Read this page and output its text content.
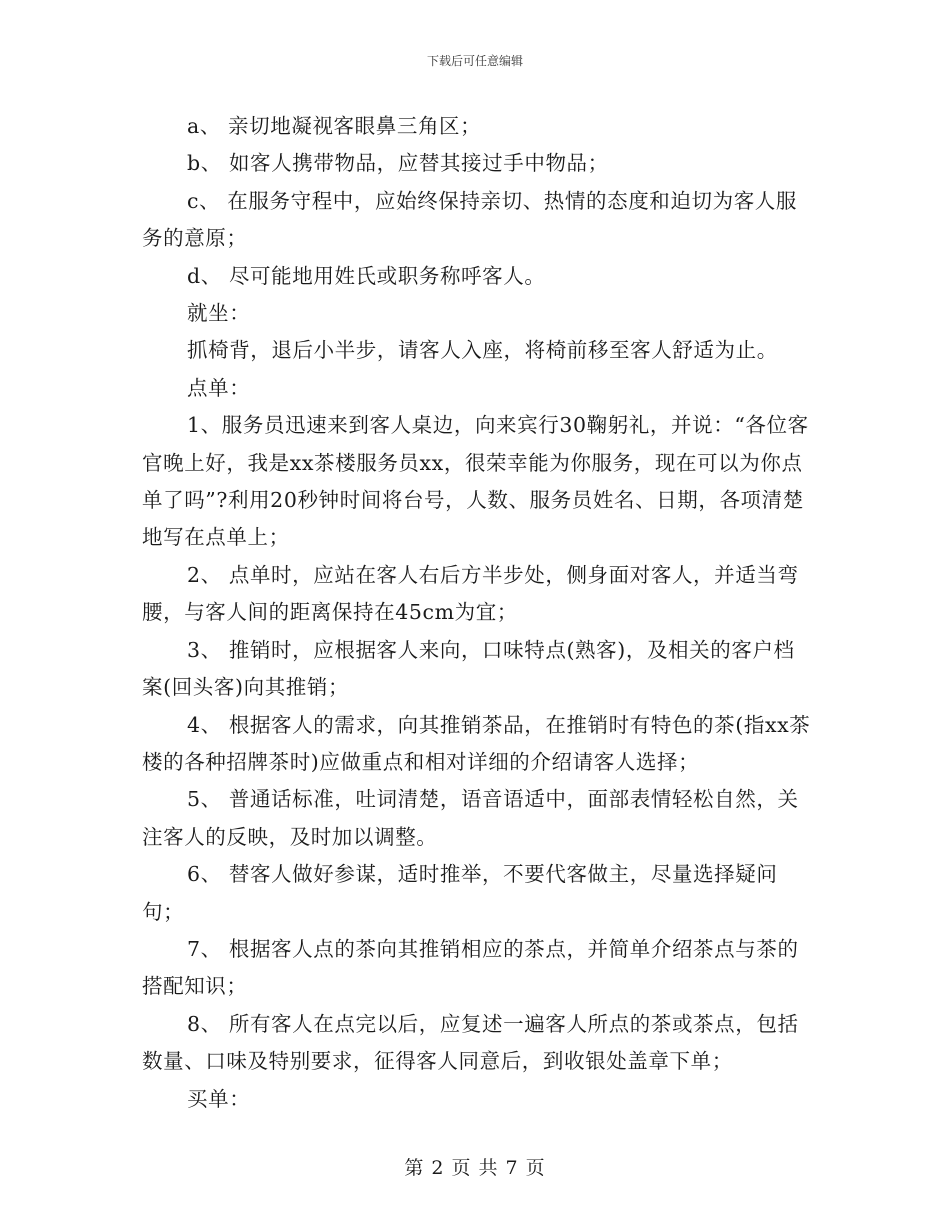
下载后可任意编辑

a、 亲切地凝视客眼鼻三角区；

b、 如客人携带物品，应替其接过手中物品；

c、 在服务守程中，应始终保持亲切、热情的态度和迫切为客人服务的意原；

d、 尽可能地用姓氏或职务称呼客人。

就坐：

抓椅背，退后小半步，请客人入座，将椅前移至客人舒适为止。

点单：

1、服务员迅速来到客人桌边，向来宾行30鞠躬礼，并说：“各位客官晚上好，我是xx茶楼服务员xx，很荣幸能为你服务，现在可以为你点单了吗”?利用20秒钟时间将台号，人数、服务员姓名、日期，各项清楚地写在点单上；

2、 点单时，应站在客人右后方半步处，侧身面对客人，并适当弯腰，与客人间的距离保持在45cm为宜；

3、 推销时，应根据客人来向，口味特点(熟客)，及相关的客户档案(回头客)向其推销；

4、 根据客人的需求，向其推销茶品，在推销时有特色的茶(指xx茶楼的各种招牌茶时)应做重点和相对详细的介绍请客人选择；

5、 普通话标准，吐词清楚，语音语适中，面部表情轻松自然，关注客人的反映，及时加以调整。

6、 替客人做好参谋，适时推举，不要代客做主，尽量选择疑问句；

7、 根据客人点的茶向其推销相应的茶点，并简单介绍茶点与茶的搭配知识；

8、 所有客人在点完以后，应复述一遍客人所点的茶或茶点，包括数量、口味及特别要求，征得客人同意后，到收银处盖章下单；

买单：

第 2 页 共 7 页
